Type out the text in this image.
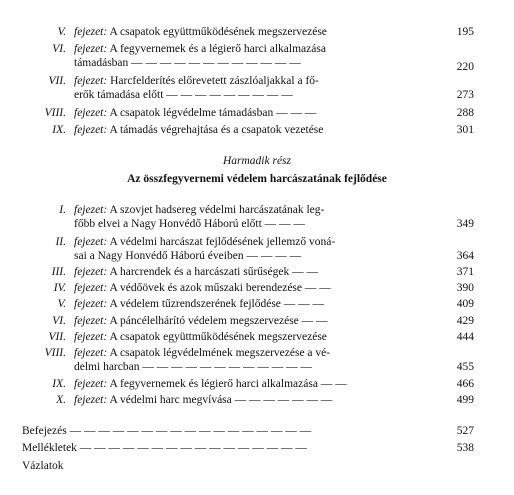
V. fejezet: A csapatok együttműködésének megszervezése	195
VI. fejezet: A fegyvernemek és a légierő harci alkalmazása
támadásban — — — — — — — — — — — —	220
VII. fejezet: Harcfelderítés előrevetett zászlóaljakkal a fő-
erők támadása előtt — — — — — — — — —	273
VIII. fejezet: A csapatok légvédelme támadásban — — —	288
IX. fejezet: A támadás végrehajtása és a csapatok vezetése	301
Harmadik rész
Az összfegyvernemi védelem harcászatának fejlődése
I. fejezet: A szovjet hadsereg védelmi harcászatának leg-
főbb elvei a Nagy Honvédő Háború előtt — — —	349
II. fejezet: A védelmi harcászat fejlődésének jellemző voná-
sai a Nagy Honvédő Háború éveiben — — — —	364
III. fejezet: A harcrendek és a harcászati sűrűségek — —	371
IV. fejezet: A védőövek és azok műszaki berendezése — —	390
V. fejezet: A védelem tűzrendszerének fejlődése — — —	409
VI. fejezet: A páncélelhárító védelem megszervezése — —	429
VII. fejezet: A csapatok együttműködésének megszervezése	444
VIII. fejezet: A csapatok légvédelmének megszervezése a vé-
delmi harcban — — — — — — — — — — — —	455
IX. fejezet: A fegyvernemek és légierő harci alkalmazása — —	466
X. fejezet: A védelmi harc megvívása — — — — — — —	499
Befejezés — — — — — — — — — — — — — — — — —	527
Mellékletek — — — — — — — — — — — — — — — —	538
Vázlatok
